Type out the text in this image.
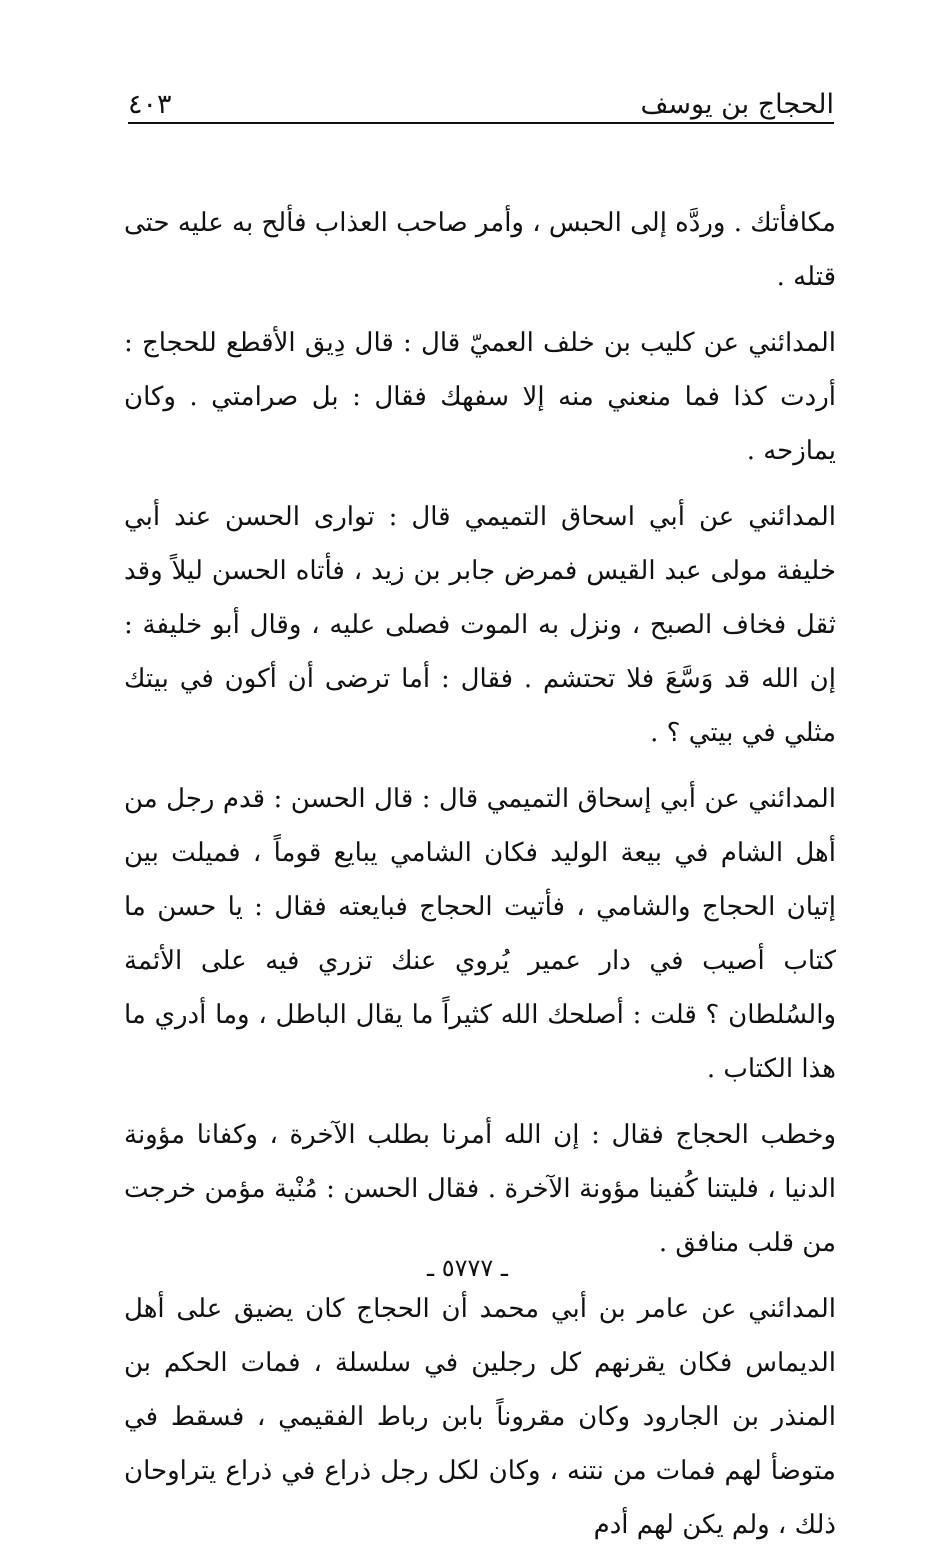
الحجاج بن يوسف
٤٠٣

مكافأتك . وردَّه إلى الحبس ، وأمر صاحب العذاب فألح به عليه حتى قتله .

المدائني عن كليب بن خلف العميّ قال : قال دِيق الأقطع للحجاج : أردت كذا فما منعني منه إلا سفهك فقال : بل صرامتي . وكان يمازحه .

المدائني عن أبي اسحاق التميمي قال : توارى الحسن عند أبي خليفة مولى عبد القيس فمرض جابر بن زيد ، فأتاه الحسن ليلاً وقد ثقل فخاف الصبح ، ونزل به الموت فصلى عليه ، وقال أبو خليفة : إن الله قد وَسَّعَ فلا تحتشم . فقال : أما ترضى أن أكون في بيتك مثلي في بيتي ؟ .

المدائني عن أبي إسحاق التميمي قال : قال الحسن : قدم رجل من أهل الشام في بيعة الوليد فكان الشامي يبايع قوماً ، فميلت بين إتيان الحجاج والشامي ، فأتيت الحجاج فبايعته فقال : يا حسن ما كتاب أصيب في دار عمير يُروي عنك تزري فيه على الأئمة والسُلطان ؟ قلت : أصلحك الله كثيراً ما يقال الباطل ، وما أدري ما هذا الكتاب .

وخطب الحجاج فقال : إن الله أمرنا بطلب الآخرة ، وكفانا مؤونة الدنيا ، فليتنا كُفينا مؤونة الآخرة . فقال الحسن : مُنْية مؤمن خرجت من قلب منافق .

المدائني عن عامر بن أبي محمد أن الحجاج كان يضيق على أهل الديماس فكان يقرنهم كل رجلين في سلسلة ، فمات الحكم بن المنذر بن الجارود وكان مقروناً بابن رباط الفقيمي ، فسقط في متوضأ لهم فمات من نتنه ، وكان لكل رجل ذراع في ذراع يتراوحان ذلك ، ولم يكن لهم أدم

ـ ٥٧٧٧ ـ
